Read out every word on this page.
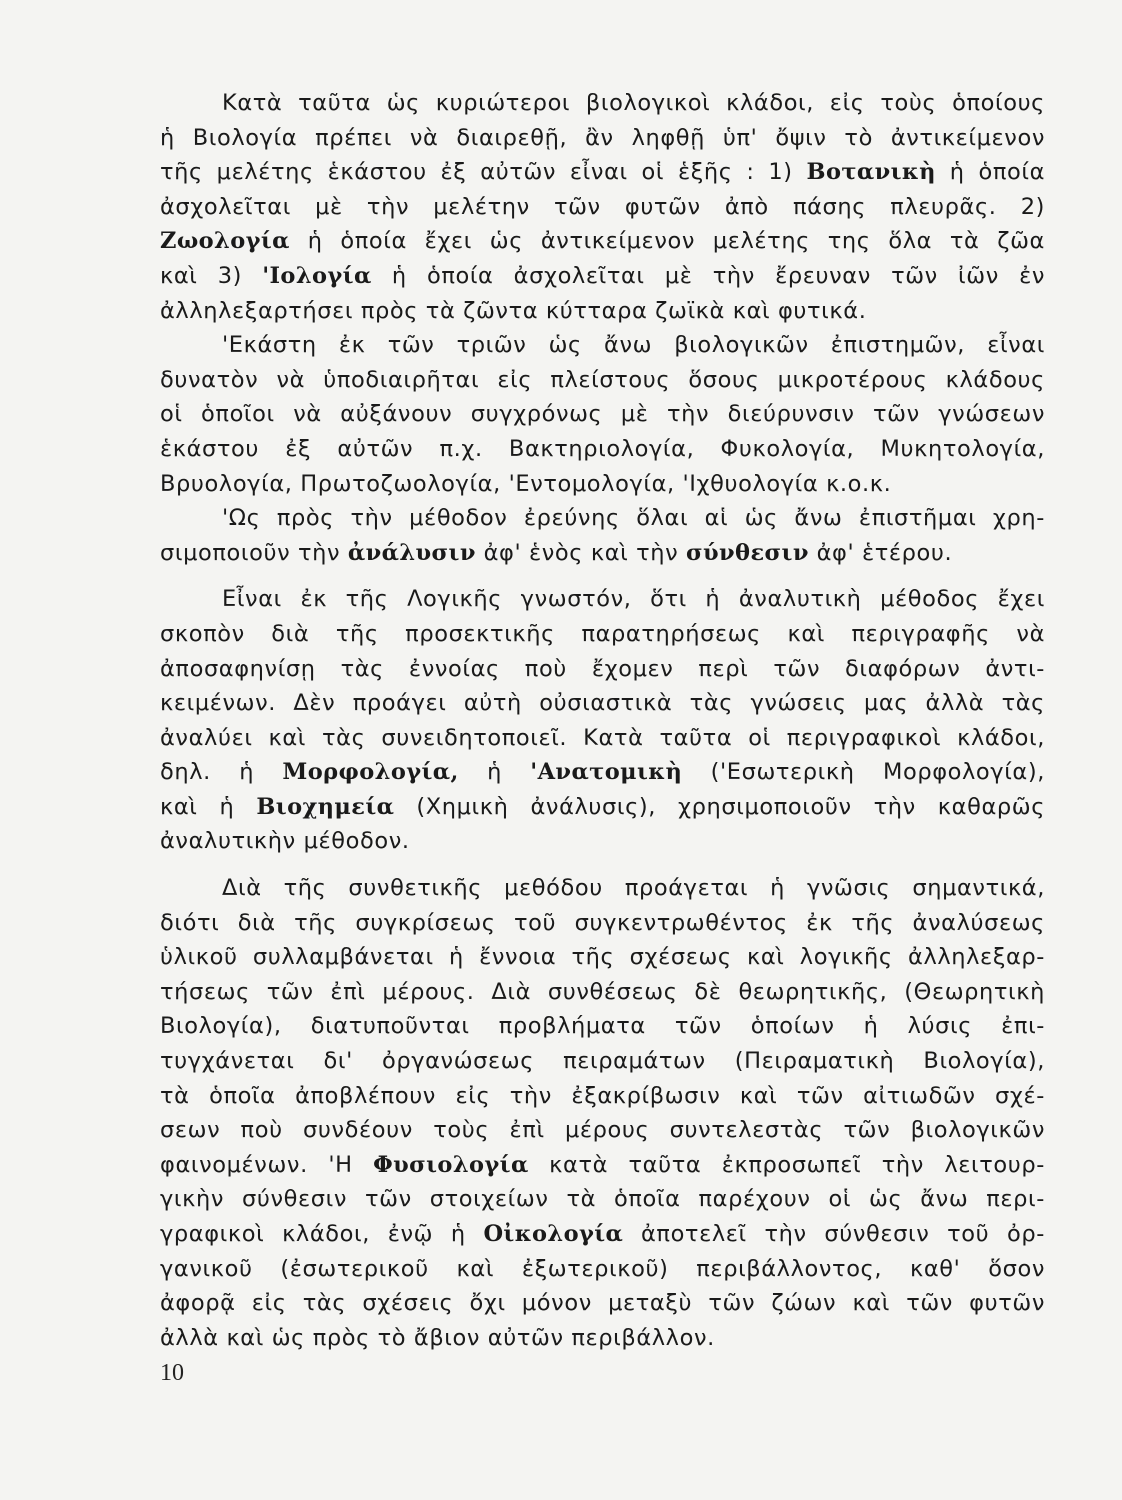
Κατὰ ταῦτα ὡς κυριώτεροι βιολογικοὶ κλάδοι, εἰς τοὺς ὁποίους
ἡ Βιολογία πρέπει νὰ διαιρεθῇ, ἂν ληφθῇ ὑπ' ὄψιν τὸ ἀντικείμενον
τῆς μελέτης ἑκάστου ἐξ αὐτῶν εἶναι οἱ ἑξῆς : 1) Βοτανικὴ ἡ ὁποία
ἀσχολεῖται μὲ τὴν μελέτην τῶν φυτῶν ἀπὸ πάσης πλευρᾶς. 2)
Ζωολογία ἡ ὁποία ἔχει ὡς ἀντικείμενον μελέτης της ὅλα τὰ ζῶα
καὶ 3) 'Ιολογία ἡ ὁποία ἀσχολεῖται μὲ τὴν ἔρευναν τῶν ἰῶν ἐν
ἀλληλεξαρτήσει πρὸς τὰ ζῶντα κύτταρα ζωϊκὰ καὶ φυτικά.
'Εκάστη ἐκ τῶν τριῶν ὡς ἄνω βιολογικῶν ἐπιστημῶν, εἶναι
δυνατὸν νὰ ὑποδιαιρῆται εἰς πλείστους ὅσους μικροτέρους κλάδους
οἱ ὁποῖοι νὰ αὐξάνουν συγχρόνως μὲ τὴν διεύρυνσιν τῶν γνώσεων
ἑκάστου ἐξ αὐτῶν π.χ. Βακτηριολογία, Φυκολογία, Μυκητολογία,
Βρυολογία, Πρωτοζωολογία, 'Εντομολογία, 'Ιχθυολογία κ.ο.κ.
'Ως πρὸς τὴν μέθοδον ἐρεύνης ὅλαι αἱ ὡς ἄνω ἐπιστῆμαι χρη-
σιμοποιοῦν τὴν ἀνάλυσιν ἀφ' ἑνὸς καὶ τὴν σύνθεσιν ἀφ' ἑτέρου.
Εἶναι ἐκ τῆς Λογικῆς γνωστόν, ὅτι ἡ ἀναλυτικὴ μέθοδος ἔχει
σκοπὸν διὰ τῆς προσεκτικῆς παρατηρήσεως καὶ περιγραφῆς νὰ
ἀποσαφηνίσῃ τὰς ἐννοίας ποὺ ἔχομεν περὶ τῶν διαφόρων ἀντι-
κειμένων. Δὲν προάγει αὐτὴ οὐσιαστικὰ τὰς γνώσεις μας ἀλλὰ τὰς
ἀναλύει καὶ τὰς συνειδητοποιεῖ. Κατὰ ταῦτα οἱ περιγραφικοὶ κλάδοι,
δηλ. ἡ Μορφολογία, ἡ 'Ανατομικὴ ('Εσωτερικὴ Μορφολογία),
καὶ ἡ Βιοχημεία (Χημικὴ ἀνάλυσις), χρησιμοποιοῦν τὴν καθαρῶς
ἀναλυτικὴν μέθοδον.
Διὰ τῆς συνθετικῆς μεθόδου προάγεται ἡ γνῶσις σημαντικά,
διότι διὰ τῆς συγκρίσεως τοῦ συγκεντρωθέντος ἐκ τῆς ἀναλύσεως
ὑλικοῦ συλλαμβάνεται ἡ ἔννοια τῆς σχέσεως καὶ λογικῆς ἀλληλεξαρ-
τήσεως τῶν ἐπὶ μέρους. Διὰ συνθέσεως δὲ θεωρητικῆς, (Θεωρητικὴ
Βιολογία), διατυποῦνται προβλήματα τῶν ὁποίων ἡ λύσις ἐπι-
τυγχάνεται δι' ὀργανώσεως πειραμάτων (Πειραματικὴ Βιολογία),
τὰ ὁποῖα ἀποβλέπουν εἰς τὴν ἐξακρίβωσιν καὶ τῶν αἰτιωδῶν σχέ-
σεων ποὺ συνδέουν τοὺς ἐπὶ μέρους συντελεστὰς τῶν βιολογικῶν
φαινομένων. 'Η Φυσιολογία κατὰ ταῦτα ἐκπροσωπεῖ τὴν λειτουρ-
γικὴν σύνθεσιν τῶν στοιχείων τὰ ὁποῖα παρέχουν οἱ ὡς ἄνω περι-
γραφικοὶ κλάδοι, ἐνῷ ἡ Οἰκολογία ἀποτελεῖ τὴν σύνθεσιν τοῦ ὀρ-
γανικοῦ (ἐσωτερικοῦ καὶ ἐξωτερικοῦ) περιβάλλοντος, καθ' ὅσον
ἀφορᾷ εἰς τὰς σχέσεις ὄχι μόνον μεταξὺ τῶν ζώων καὶ τῶν φυτῶν
ἀλλὰ καὶ ὡς πρὸς τὸ ἄβιον αὐτῶν περιβάλλον.
10
